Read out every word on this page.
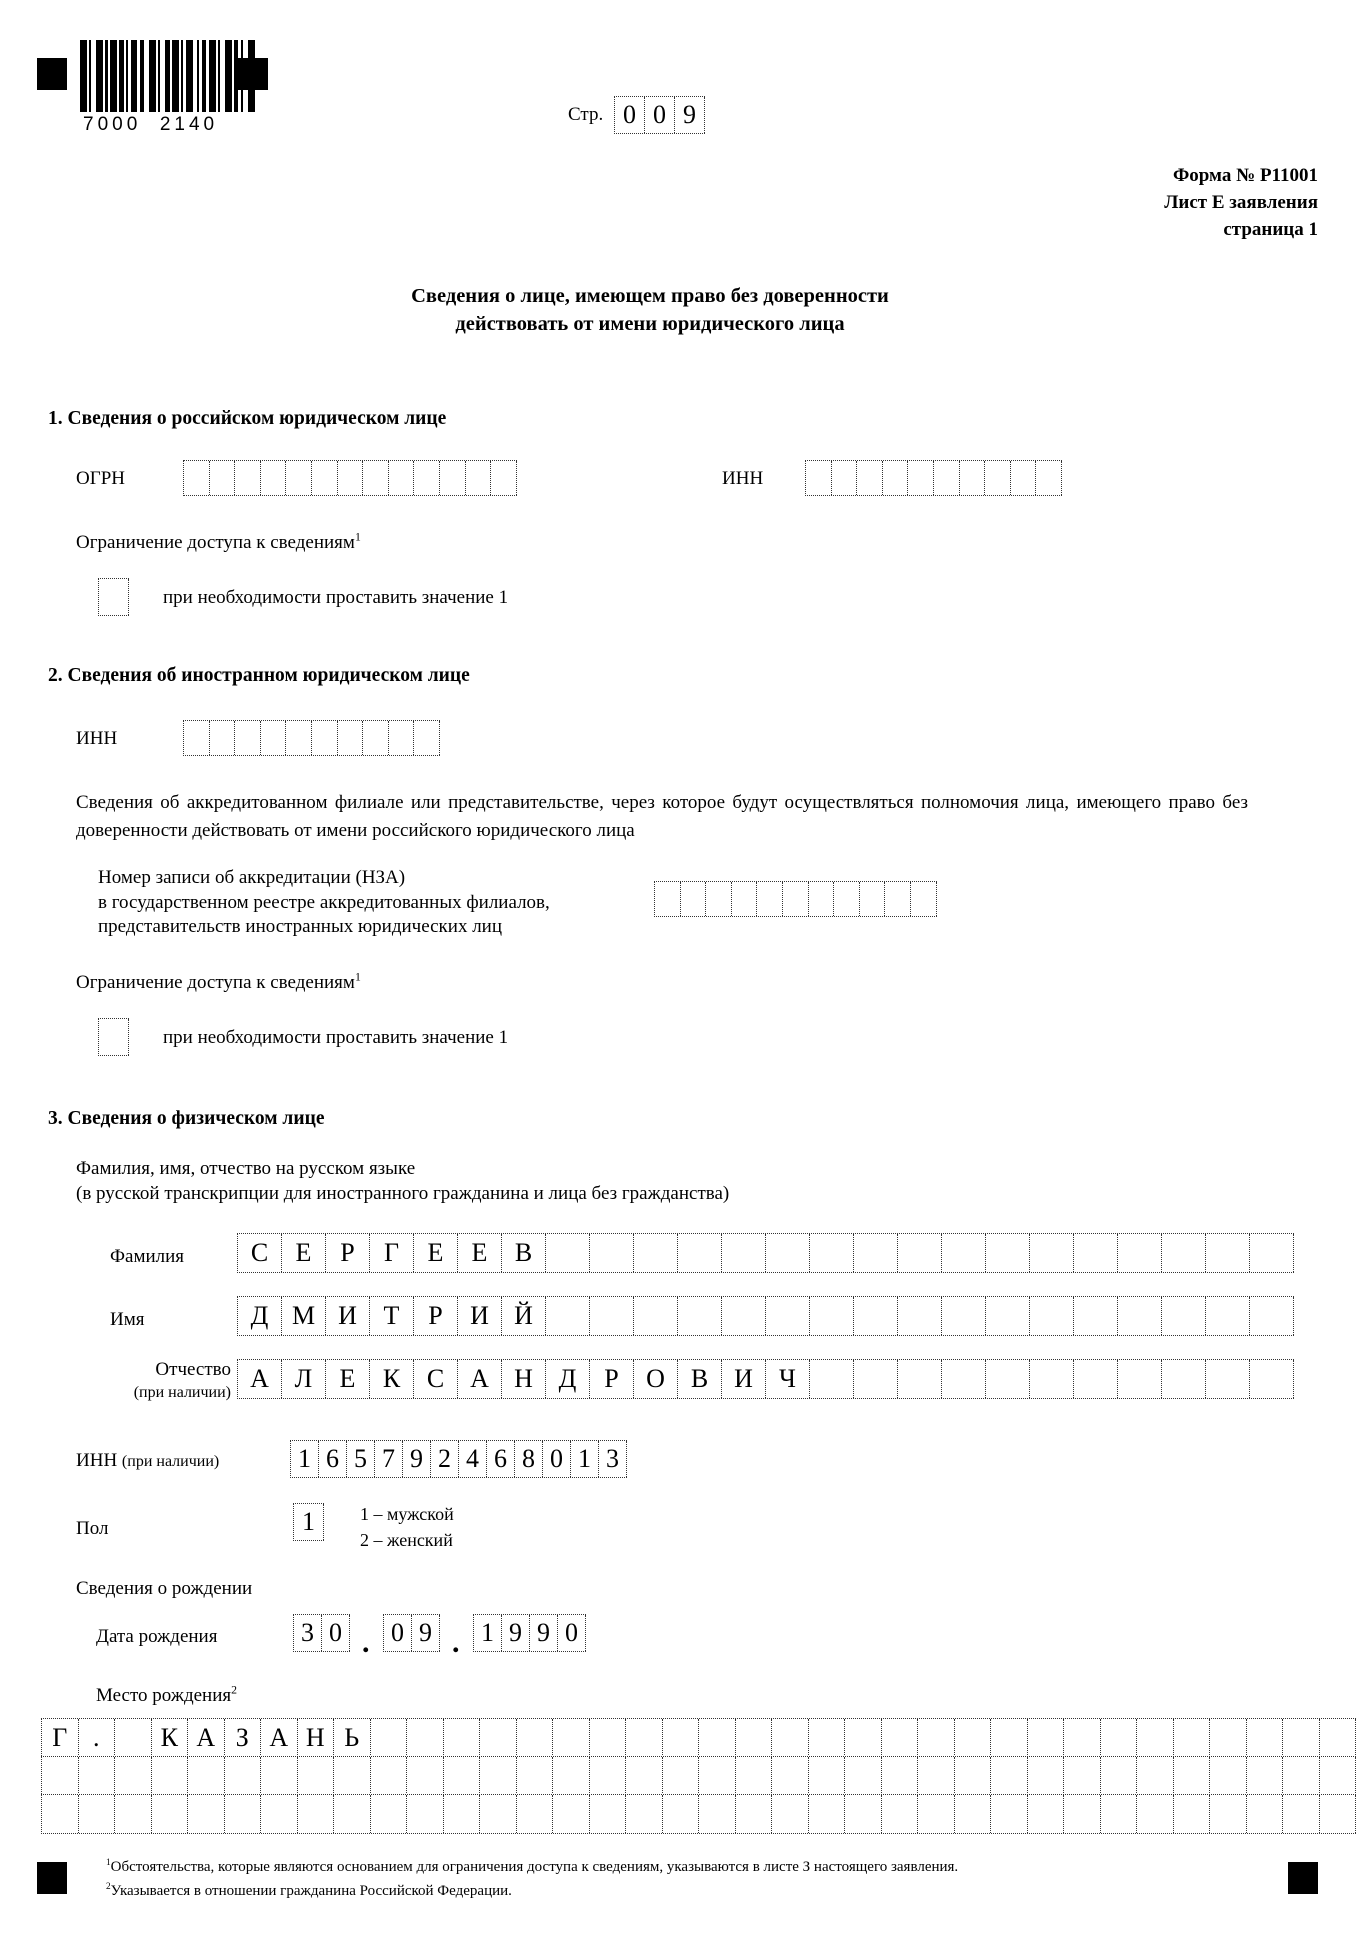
7000  2140	Стр. 0 0 9
Форма № Р11001
Лист Е заявления
страница 1
Сведения о лице, имеющем право без доверенности
действовать от имени юридического лица
1. Сведения о российском юридическом лице
ОГРН	ИНН
Ограничение доступа к сведениям$^1$
при необходимости проставить значение 1
2. Сведения об иностранном юридическом лице
ИНН
Сведения об аккредитованном филиале или представительстве, через которое будут осуществляться полномочия лица, имеющего право без доверенности действовать от имени российского юридического лица
Номер записи об аккредитации (НЗА)
в государственном реестре аккредитованных филиалов,
представительств иностранных юридических лиц
Ограничение доступа к сведениям$^1$
при необходимости проставить значение 1
3. Сведения о физическом лице
Фамилия, имя, отчество на русском языке
(в русской транскрипции для иностранного гражданина и лица без гражданства)
Фамилия	С	Е	Р	Г	Е	Е	В
Имя	Д М И	Т	Р	И Й
Отчество
(при наличии) А Л	Е	К	С А Н Д	Р	О В И	Ч
ИНН (при наличии)	1 6 5 7 9 2 4 6 8 0 1 3
Пол	1	1 – мужской
2 – женский
Сведения о рождении
Дата рождения	3 0 . 0 9 . 1 9 9 0
Место рождения$^2$
Г .	К А З А Н Ь
$^1$Обстоятельства, которые являются основанием для ограничения доступа к сведениям, указываются в листе З настоящего заявления.
$^2$Указывается в отношении гражданина Российской Федерации.
